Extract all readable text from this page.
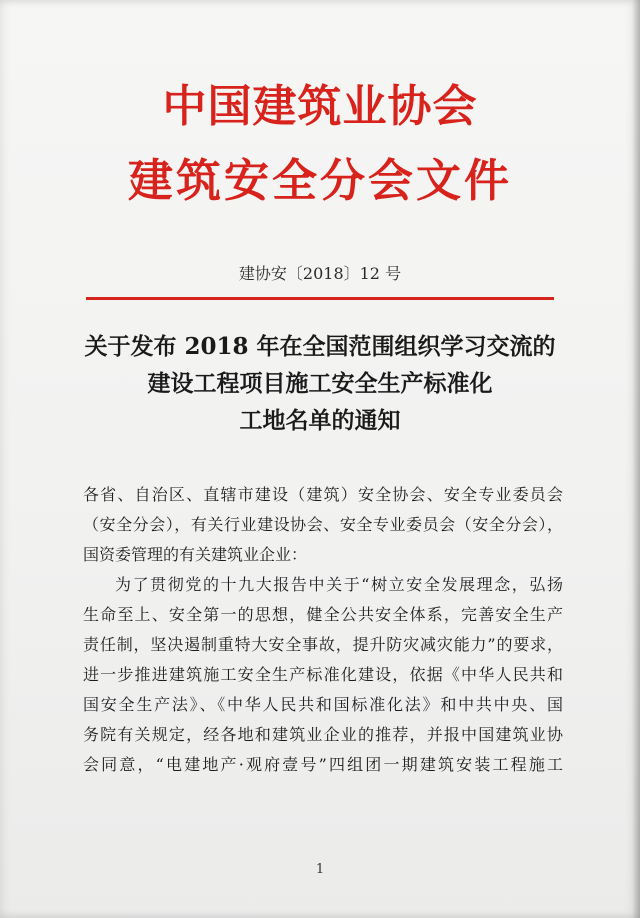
中国建筑业协会
建筑安全分会文件
建协安〔2018〕12 号
关于发布 2018 年在全国范围组织学习交流的
建设工程项目施工安全生产标准化
工地名单的通知
各省、自治区、直辖市建设（建筑）安全协会、安全专业委员会
（安全分会），有关行业建设协会、安全专业委员会（安全分会），
国资委管理的有关建筑业企业：
为了贯彻党的十九大报告中关于“树立安全发展理念，弘扬
生命至上、安全第一的思想，健全公共安全体系，完善安全生产
责任制，坚决遏制重特大安全事故，提升防灾减灾能力”的要求，
进一步推进建筑施工安全生产标准化建设，依据《中华人民共和
国安全生产法》、《中华人民共和国标准化法》和中共中央、国
务院有关规定，经各地和建筑业企业的推荐，并报中国建筑业协
会同意，“电建地产·观府壹号”四组团一期建筑安装工程施工
1
